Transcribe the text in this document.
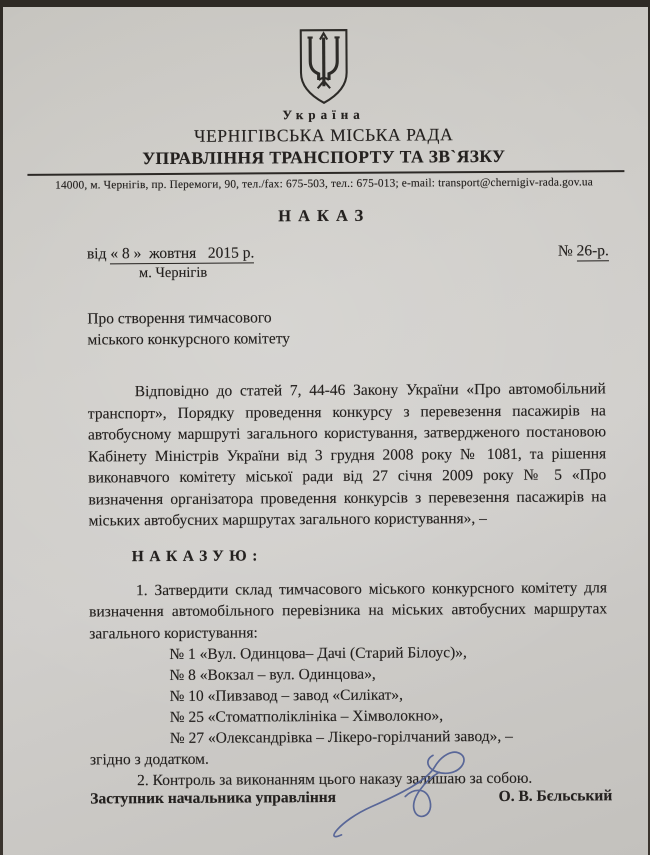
Україна
ЧЕРНІГІВСЬКА МІСЬКА РАДА
УПРАВЛІННЯ ТРАНСПОРТУ ТА ЗВ`ЯЗКУ
14000, м. Чернігів, пр. Перемоги, 90, тел./fax: 675-503, тел.: 675-013; e-mail: transport@chernigiv-rada.gov.ua
НАКАЗ
від « 8 »  жовтня   2015 р.
м. Чернігів
№ 26-р.
Про створення тимчасового
міського конкурсного комітету
Відповідно до статей 7, 44-46 Закону України «Про автомобільний транспорт», Порядку проведення конкурсу з перевезення пасажирів на автобусному маршруті загального користування, затвердженого постановою Кабінету Міністрів України від 3 грудня 2008 року № 1081, та рішення виконавчого комітету міської ради від 27 січня 2009 року № 5 «Про визначення організатора проведення конкурсів з перевезення пасажирів на міських автобусних маршрутах загального користування», –
НАКАЗУЮ:
1. Затвердити склад тимчасового міського конкурсного комітету для визначення автомобільного перевізника на міських автобусних маршрутах загального користування:
№ 1 «Вул. Одинцова– Дачі (Старий Білоус)»,
№ 8 «Вокзал – вул. Одинцова»,
№ 10 «Пивзавод – завод «Силікат»,
№ 25 «Стоматполіклініка – Хімволокно»,
№ 27 «Олександрівка – Лікеро-горілчаний завод», –
згідно з додатком.
2. Контроль за виконанням цього наказу залишаю за собою.
Заступник начальника управління	О. В. Бєльський
